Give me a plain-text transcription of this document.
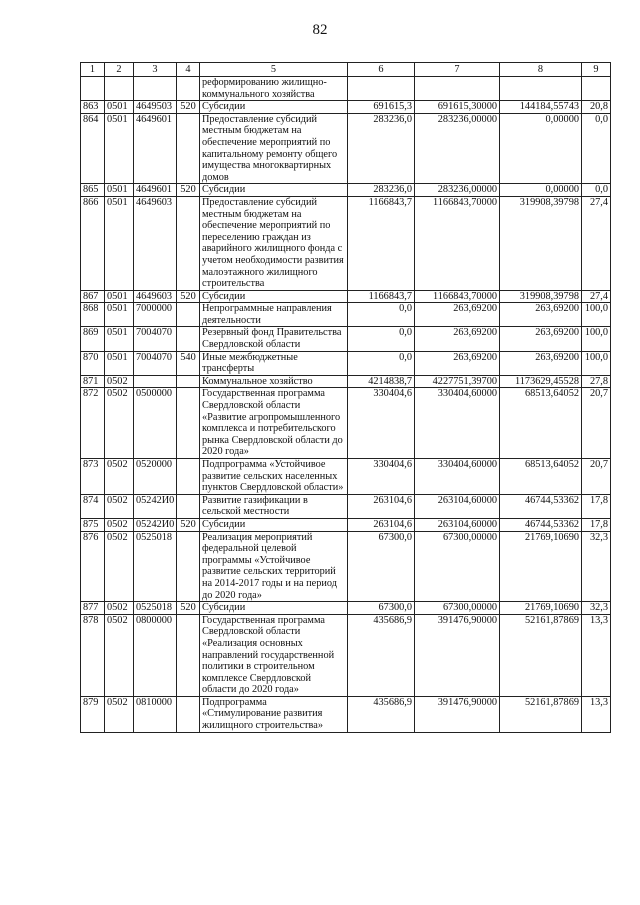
82
1	2	3	4	5	6	7	8	9
				реформированию жилищно-коммунального хозяйства				
863	0501	4649503	520	Субсидии	691615,3	691615,30000	144184,55743	20,8
864	0501	4649601		Предоставление субсидий местным бюджетам на обеспечение мероприятий по капитальному ремонту общего имущества многоквартирных домов	283236,0	283236,00000	0,00000	0,0
865	0501	4649601	520	Субсидии	283236,0	283236,00000	0,00000	0,0
866	0501	4649603		Предоставление субсидий местным бюджетам на обеспечение мероприятий по переселению граждан из аварийного жилищного фонда с учетом необходимости развития малоэтажного жилищного строительства	1166843,7	1166843,70000	319908,39798	27,4
867	0501	4649603	520	Субсидии	1166843,7	1166843,70000	319908,39798	27,4
868	0501	7000000		Непрограммные направления деятельности	0,0	263,69200	263,69200	100,0
869	0501	7004070		Резервный фонд Правительства Свердловской области	0,0	263,69200	263,69200	100,0
870	0501	7004070	540	Иные межбюджетные трансферты	0,0	263,69200	263,69200	100,0
871	0502			Коммунальное хозяйство	4214838,7	4227751,39700	1173629,45528	27,8
872	0502	0500000		Государственная программа Свердловской области «Развитие агропромышленного комплекса и потребительского рынка Свердловской области до 2020 года»	330404,6	330404,60000	68513,64052	20,7
873	0502	0520000		Подпрограмма «Устойчивое развитие сельских населенных пунктов Свердловской области»	330404,6	330404,60000	68513,64052	20,7
874	0502	05242И0		Развитие газификации в сельской местности	263104,6	263104,60000	46744,53362	17,8
875	0502	05242И0	520	Субсидии	263104,6	263104,60000	46744,53362	17,8
876	0502	0525018		Реализация мероприятий федеральной целевой программы «Устойчивое развитие сельских территорий на 2014-2017 годы и на период до 2020 года»	67300,0	67300,00000	21769,10690	32,3
877	0502	0525018	520	Субсидии	67300,0	67300,00000	21769,10690	32,3
878	0502	0800000		Государственная программа Свердловской области «Реализация основных направлений государственной политики в строительном комплексе Свердловской области до 2020 года»	435686,9	391476,90000	52161,87869	13,3
879	0502	0810000		Подпрограмма «Стимулирование развития жилищного строительства»	435686,9	391476,90000	52161,87869	13,3
